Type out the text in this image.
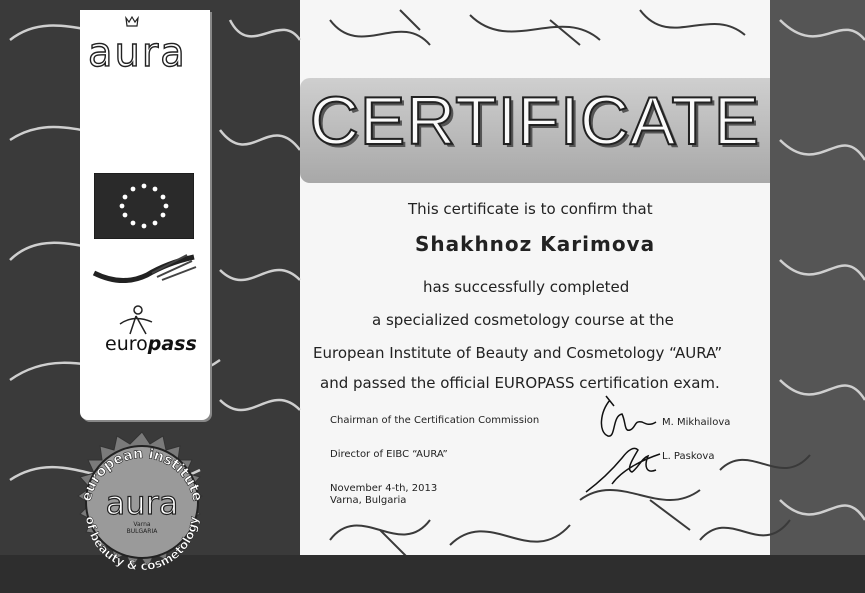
aura
europass
european institute
of beauty & cosmetology
aura
Varna
BULGARIA
CERTIFICATE
This certificate is to confirm that
Shakhnoz Karimova
has successfully completed
a specialized cosmetology course at the
European Institute of Beauty and Cosmetology “AURA”
and passed the official EUROPASS certification exam.
Chairman of the Certification Commission	M. Mikhailova
Director of EIBC “AURA”	L. Paskova
November 4-th, 2013
Varna, Bulgaria
